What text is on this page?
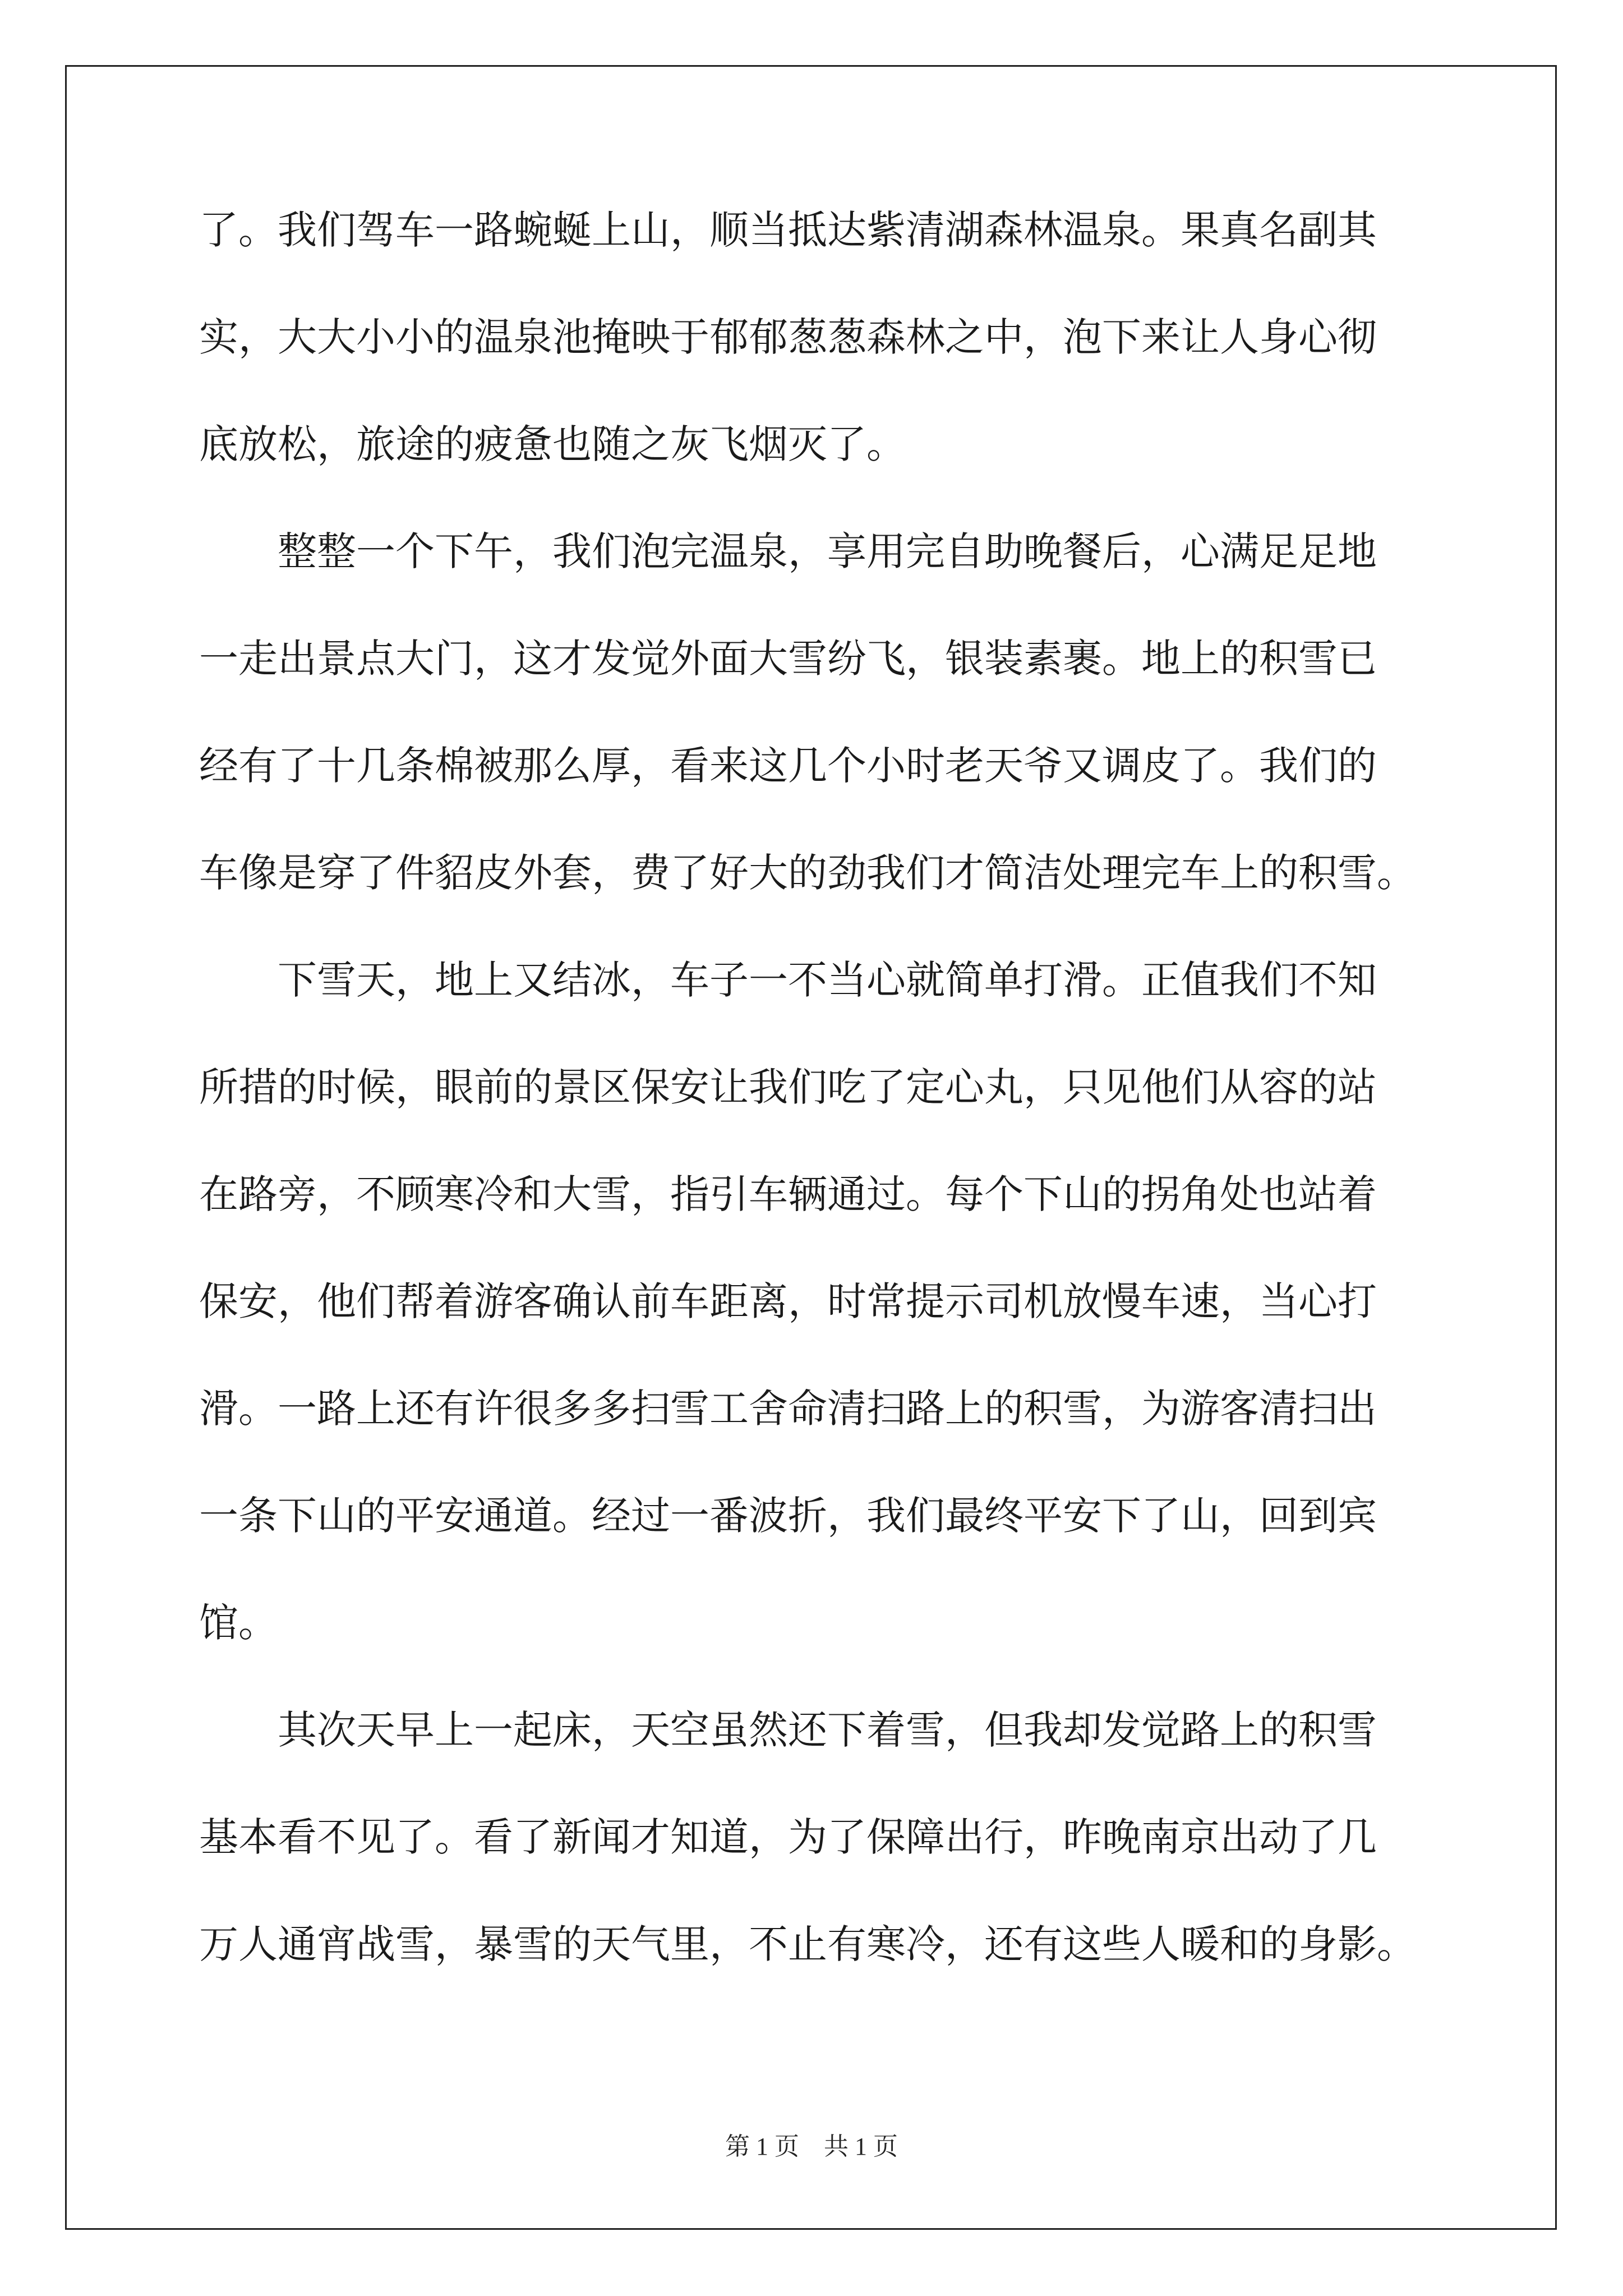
了。我们驾车一路蜿蜒上山，顺当抵达紫清湖森林温泉。果真名副其
实，大大小小的温泉池掩映于郁郁葱葱森林之中，泡下来让人身心彻
底放松，旅途的疲惫也随之灰飞烟灭了。
　　整整一个下午，我们泡完温泉，享用完自助晚餐后，心满足足地
一走出景点大门，这才发觉外面大雪纷飞，银装素裹。地上的积雪已
经有了十几条棉被那么厚，看来这几个小时老天爷又调皮了。我们的
车像是穿了件貂皮外套，费了好大的劲我们才简洁处理完车上的积雪。
　　下雪天，地上又结冰，车子一不当心就简单打滑。正值我们不知
所措的时候，眼前的景区保安让我们吃了定心丸，只见他们从容的站
在路旁，不顾寒冷和大雪，指引车辆通过。每个下山的拐角处也站着
保安，他们帮着游客确认前车距离，时常提示司机放慢车速，当心打
滑。一路上还有许很多多扫雪工舍命清扫路上的积雪，为游客清扫出
一条下山的平安通道。经过一番波折，我们最终平安下了山，回到宾
馆。
　　其次天早上一起床，天空虽然还下着雪，但我却发觉路上的积雪
基本看不见了。看了新闻才知道，为了保障出行，昨晚南京出动了几
万人通宵战雪，暴雪的天气里，不止有寒冷，还有这些人暖和的身影。
第 1 页　共 1 页
